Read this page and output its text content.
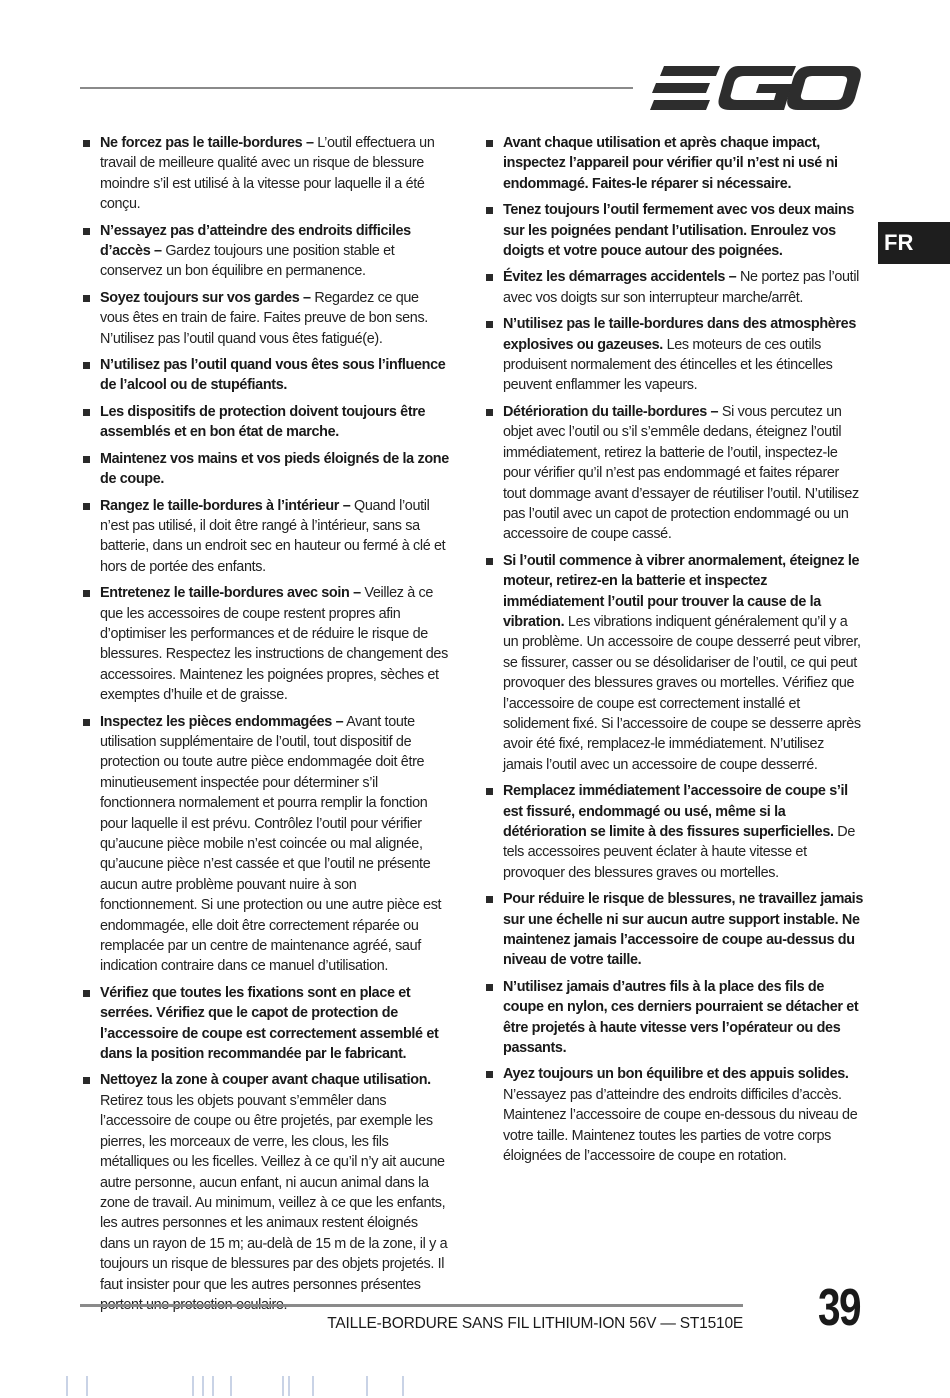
FR
Ne forcez pas le taille-bordures – L’outil effectuera un travail de meilleure qualité avec un risque de blessure moindre s’il est utilisé à la vitesse pour laquelle il a été conçu.
N’essayez pas d’atteindre des endroits difficiles d’accès – Gardez toujours une position stable et conservez un bon équilibre en permanence.
Soyez toujours sur vos gardes – Regardez ce que vous êtes en train de faire. Faites preuve de bon sens. N’utilisez pas l’outil quand vous êtes fatigué(e).
N’utilisez pas l’outil quand vous êtes sous l’influence de l’alcool ou de stupéfiants.
Les dispositifs de protection doivent toujours être assemblés et en bon état de marche.
Maintenez vos mains et vos pieds éloignés de la zone de coupe.
Rangez le taille-bordures à l’intérieur – Quand l’outil n’est pas utilisé, il doit être rangé à l’intérieur, sans sa batterie, dans un endroit sec en hauteur ou fermé à clé et hors de portée des enfants.
Entretenez le taille-bordures avec soin – Veillez à ce que les accessoires de coupe restent propres afin d’optimiser les performances et de réduire le risque de blessures. Respectez les instructions de changement des accessoires. Maintenez les poignées propres, sèches et exemptes d’huile et de graisse.
Inspectez les pièces endommagées – Avant toute utilisation supplémentaire de l’outil, tout dispositif de protection ou toute autre pièce endommagée doit être minutieusement inspectée pour déterminer s’il fonctionnera normalement et pourra remplir la fonction pour laquelle il est prévu. Contrôlez l’outil pour vérifier qu’aucune pièce mobile n’est coincée ou mal alignée, qu’aucune pièce n’est cassée et que l’outil ne présente aucun autre problème pouvant nuire à son fonctionnement. Si une protection ou une autre pièce est endommagée, elle doit être correctement réparée ou remplacée par un centre de maintenance agréé, sauf indication contraire dans ce manuel d’utilisation.
Vérifiez que toutes les fixations sont en place et serrées. Vérifiez que le capot de protection de l’accessoire de coupe est correctement assemblé et dans la position recommandée par le fabricant.
Nettoyez la zone à couper avant chaque utilisation. Retirez tous les objets pouvant s’emmêler dans l’accessoire de coupe ou être projetés, par exemple les pierres, les morceaux de verre, les clous, les fils métalliques ou les ficelles. Veillez à ce qu’il n’y ait aucune autre personne, aucun enfant, ni aucun animal dans la zone de travail. Au minimum, veillez à ce que les enfants, les autres personnes et les animaux restent éloignés dans un rayon de 15 m; au-delà de 15 m de la zone, il y a toujours un risque de blessures par des objets projetés. Il faut insister pour que les autres personnes présentes
Avant chaque utilisation et après chaque impact, inspectez l’appareil pour vérifier qu’il n’est ni usé ni endommagé. Faites-le réparer si nécessaire.
Tenez toujours l’outil fermement avec vos deux mains sur les poignées pendant l’utilisation. Enroulez vos doigts et votre pouce autour des poignées.
Évitez les démarrages accidentels – Ne portez pas l’outil avec vos doigts sur son interrupteur marche/arrêt.
N’utilisez pas le taille-bordures dans des atmosphères explosives ou gazeuses. Les moteurs de ces outils produisent normalement des étincelles et les étincelles peuvent enflammer les vapeurs.
Détérioration du taille-bordures – Si vous percutez un objet avec l’outil ou s’il s’emmêle dedans, éteignez l’outil immédiatement, retirez la batterie de l’outil, inspectez-le pour vérifier qu’il n’est pas endommagé et faites réparer tout dommage avant d’essayer de réutiliser l’outil. N’utilisez pas l’outil avec un capot de protection endommagé ou un accessoire de coupe cassé.
Si l’outil commence à vibrer anormalement, éteignez le moteur, retirez-en la batterie et inspectez immédiatement l’outil pour trouver la cause de la vibration. Les vibrations indiquent généralement qu’il y a un problème. Un accessoire de coupe desserré peut vibrer, se fissurer, casser ou se désolidariser de l’outil, ce qui peut provoquer des blessures graves ou mortelles. Vérifiez que l’accessoire de coupe est correctement installé et solidement fixé. Si l’accessoire de coupe se desserre après avoir été fixé, remplacez-le immédiatement. N’utilisez jamais l’outil avec un accessoire de coupe desserré.
Remplacez immédiatement l’accessoire de coupe s’il est fissuré, endommagé ou usé, même si la détérioration se limite à des fissures superficielles. De tels accessoires peuvent éclater à haute vitesse et provoquer des blessures graves ou mortelles.
Pour réduire le risque de blessures, ne travaillez jamais sur une échelle ni sur aucun autre support instable. Ne maintenez jamais l’accessoire de coupe au-dessus du niveau de votre taille.
N’utilisez jamais d’autres fils à la place des fils de coupe en nylon, ces derniers pourraient se détacher et être projetés à haute vitesse vers l’opérateur ou des passants.
Ayez toujours un bon équilibre et des appuis solides. N’essayez pas d’atteindre des endroits difficiles d’accès. Maintenez l’accessoire de coupe en-dessous du niveau de votre taille. Maintenez toutes les parties de votre corps éloignées de l’accessoire de coupe en rotation.
TAILLE-BORDURE SANS FIL LITHIUM-ION 56V — ST1510E 39
